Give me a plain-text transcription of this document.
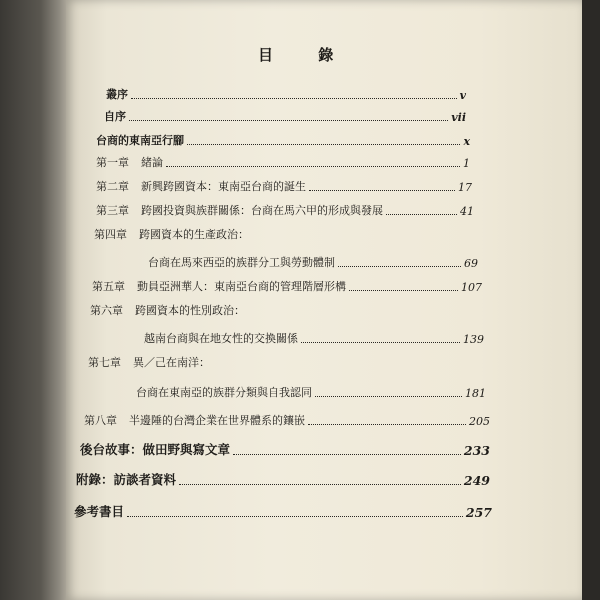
目 錄
叢序	v
自序	vii
台商的東南亞行腳	x
第一章 緒論	1
第二章 新興跨國資本：東南亞台商的誕生	17
第三章 跨國投資與族群關係：台商在馬六甲的形成與發展	41
第四章 跨國資本的生產政治：
台商在馬來西亞的族群分工與勞動體制	69
第五章 動員亞洲華人：東南亞台商的管理階層形構	107
第六章 跨國資本的性別政治：
越南台商與在地女性的交換關係	139
第七章 異／己在南洋：
台商在東南亞的族群分類與自我認同	181
第八章 半邊陲的台灣企業在世界體系的鑲嵌	205
後台故事：做田野與寫文章	233
附錄：訪談者資料	249
參考書目	257
